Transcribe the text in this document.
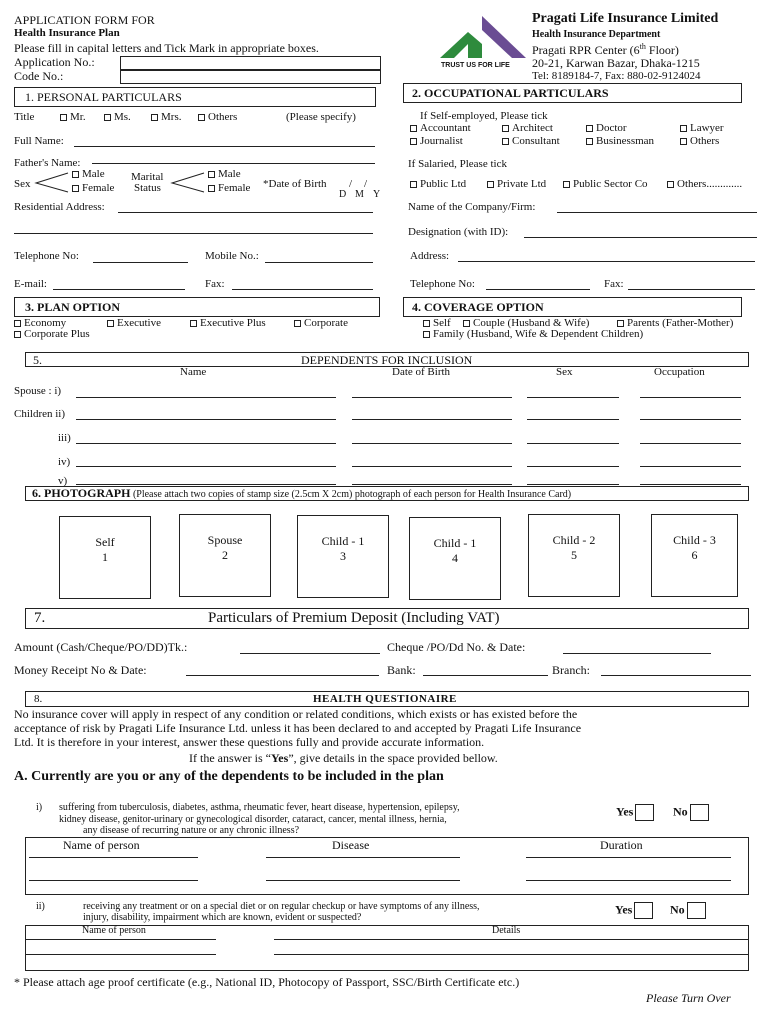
APPLICATION FORM FOR
Health Insurance Plan
Please fill in capital letters and Tick Mark in appropriate boxes.
Application No.:
Code No.:
TRUST US FOR LIFE
Pragati Life Insurance Limited
Health Insurance Department
Pragati RPR Center (6th Floor)
20-21, Karwan Bazar, Dhaka-1215
Tel: 8189184-7, Fax: 880-02-9124024
1. PERSONAL PARTICULARS	2. OCCUPATIONAL PARTICULARS
Title	Mr.	Ms.	Mrs.	Others	(Please specify)
Full Name:
Father's Name:
Sex
Male
Female
Marital
Status
Male
Female *Date of Birth / /
D M Y
Residential Address:
Telephone No:	Mobile No.:
E-mail:	Fax:
If Self-employed, Please tick
Accountant	Architect	Doctor	Lawyer
Journalist	Consultant	Businessman	Others
If Salaried, Please tick
Public Ltd	Private Ltd	Public Sector Co	Others.............
Name of the Company/Firm:
Designation (with ID):
Address:
Telephone No:	Fax:
3. PLAN OPTION	4. COVERAGE OPTION
Economy	Executive	Executive Plus	Corporate
Corporate Plus
Self	Couple (Husband & Wife)	Parents (Father-Mother)
Family (Husband, Wife & Dependent Children)
5.	DEPENDENTS FOR INCLUSION
Name	Date of Birth	Sex	Occupation
Spouse : i)
Children ii)
iii)
iv)
v)
6. PHOTOGRAPH (Please attach two copies of stamp size (2.5cm X 2cm) photograph of each person for Health Insurance Card)
Self
1
Spouse
2
Child - 1
3
Child - 1
4
Child - 2
5
Child - 3
6
7.	Particulars of Premium Deposit (Including VAT)
Amount (Cash/Cheque/PO/DD)Tk.:	Cheque /PO/Dd No. & Date:
Money Receipt No & Date:	Bank:	Branch:
8.	HEALTH QUESTIONAIRE
No insurance cover will apply in respect of any condition or related conditions, which exists or has existed before the
acceptance of risk by Pragati Life Insurance Ltd. unless it has been declared to and accepted by Pragati Life Insurance
Ltd. It is therefore in your interest, answer these questions fully and provide accurate information.
If the answer is “Yes”, give details in the space provided bellow.
A. Currently are you or any of the dependents to be included in the plan
i) suffering from tuberculosis, diabetes, asthma, rheumatic fever, heart disease, hypertension, epilepsy,
kidney disease, genitor-urinary or gynecological disorder, cataract, cancer, mental illness, hernia,
any disease of recurring nature or any chronic illness?
Yes	No
Name of person	Disease	Duration
ii)	receiving any treatment or on a special diet or on regular checkup or have symptoms of any illness,
injury, disability, impairment which are known, evident or suspected?
Yes	No
Name of person	Details
* Please attach age proof certificate (e.g., National ID, Photocopy of Passport, SSC/Birth Certificate etc.)
Please Turn Over
